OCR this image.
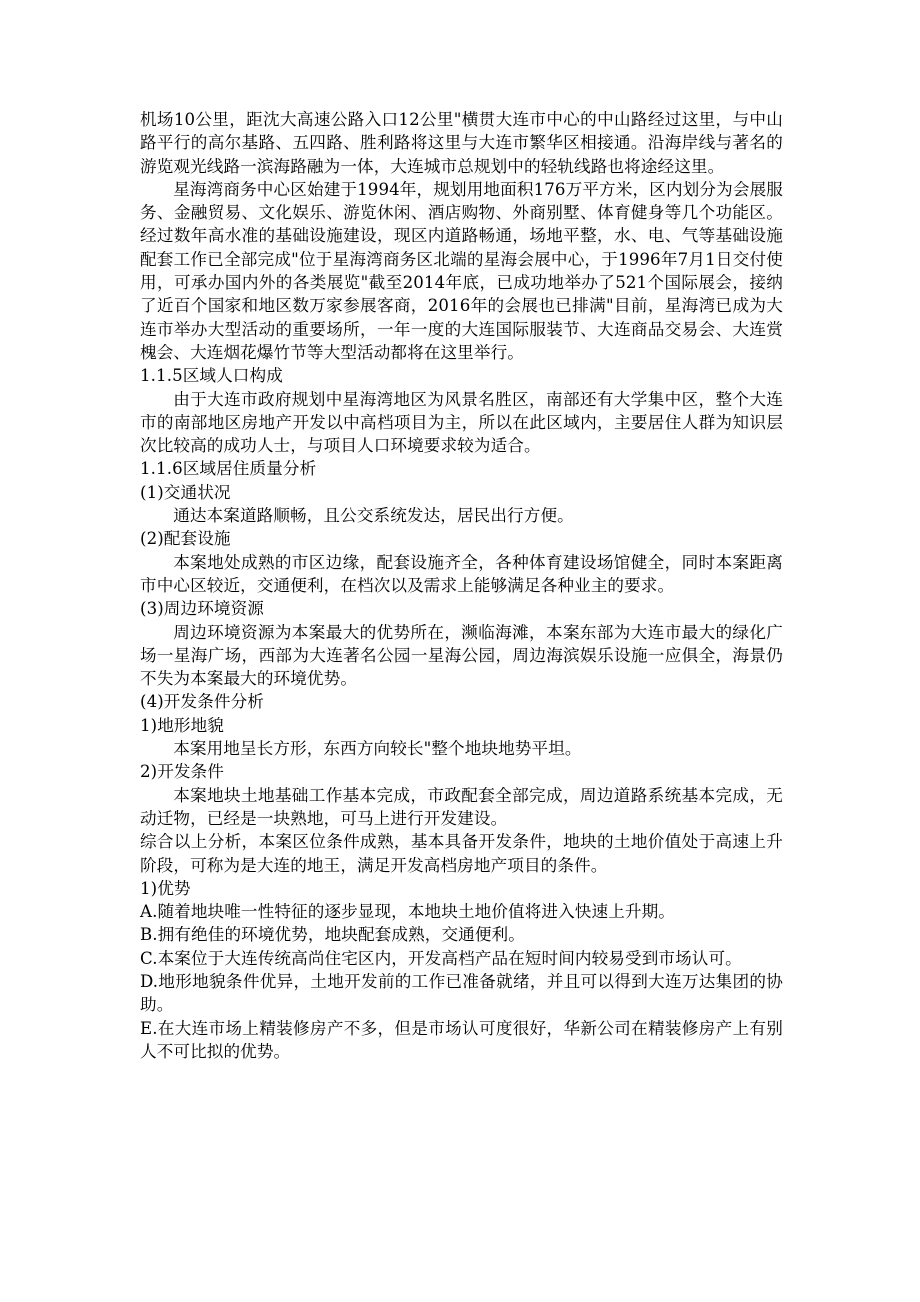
机场10公里，距沈大高速公路入口12公里"横贯大连市中心的中山路经过这里，与中山路平行的高尔基路、五四路、胜利路将这里与大连市繁华区相接通。沿海岸线与著名的游览观光线路一滨海路融为一体，大连城市总规划中的轻轨线路也将途经这里。

星海湾商务中心区始建于1994年，规划用地面积176万平方米，区内划分为会展服务、金融贸易、文化娱乐、游览休闲、酒店购物、外商别墅、体育健身等几个功能区。经过数年高水准的基础设施建设，现区内道路畅通，场地平整，水、电、气等基础设施配套工作已全部完成"位于星海湾商务区北端的星海会展中心，于1996年7月1日交付使用，可承办国内外的各类展览"截至2014年底，已成功地举办了521个国际展会，接纳了近百个国家和地区数万家参展客商，2016年的会展也已排满"目前，星海湾已成为大连市举办大型活动的重要场所，一年一度的大连国际服装节、大连商品交易会、大连赏槐会、大连烟花爆竹节等大型活动都将在这里举行。

1.1.5区域人口构成

由于大连市政府规划中星海湾地区为风景名胜区，南部还有大学集中区，整个大连市的南部地区房地产开发以中高档项目为主，所以在此区域内，主要居住人群为知识层次比较高的成功人士，与项目人口环境要求较为适合。

1.1.6区域居住质量分析

(1)交通状况

通达本案道路顺畅，且公交系统发达，居民出行方便。

(2)配套设施

本案地处成熟的市区边缘，配套设施齐全，各种体育建设场馆健全，同时本案距离市中心区较近，交通便利，在档次以及需求上能够满足各种业主的要求。

(3)周边环境资源

周边环境资源为本案最大的优势所在，濒临海滩，本案东部为大连市最大的绿化广场一星海广场，西部为大连著名公园一星海公园，周边海滨娱乐设施一应俱全，海景仍不失为本案最大的环境优势。

(4)开发条件分析

1)地形地貌

本案用地呈长方形，东西方向较长"整个地块地势平坦。

2)开发条件

本案地块土地基础工作基本完成，市政配套全部完成，周边道路系统基本完成，无动迁物，已经是一块熟地，可马上进行开发建设。

综合以上分析，本案区位条件成熟，基本具备开发条件，地块的土地价值处于高速上升阶段，可称为是大连的地王，满足开发高档房地产项目的条件。

1)优势

A.随着地块唯一性特征的逐步显现，本地块土地价值将进入快速上升期。

B.拥有绝佳的环境优势，地块配套成熟，交通便利。

C.本案位于大连传统高尚住宅区内，开发高档产品在短时间内较易受到市场认可。

D.地形地貌条件优异，土地开发前的工作已准备就绪，并且可以得到大连万达集团的协助。

E.在大连市场上精装修房产不多，但是市场认可度很好，华新公司在精装修房产上有别人不可比拟的优势。
